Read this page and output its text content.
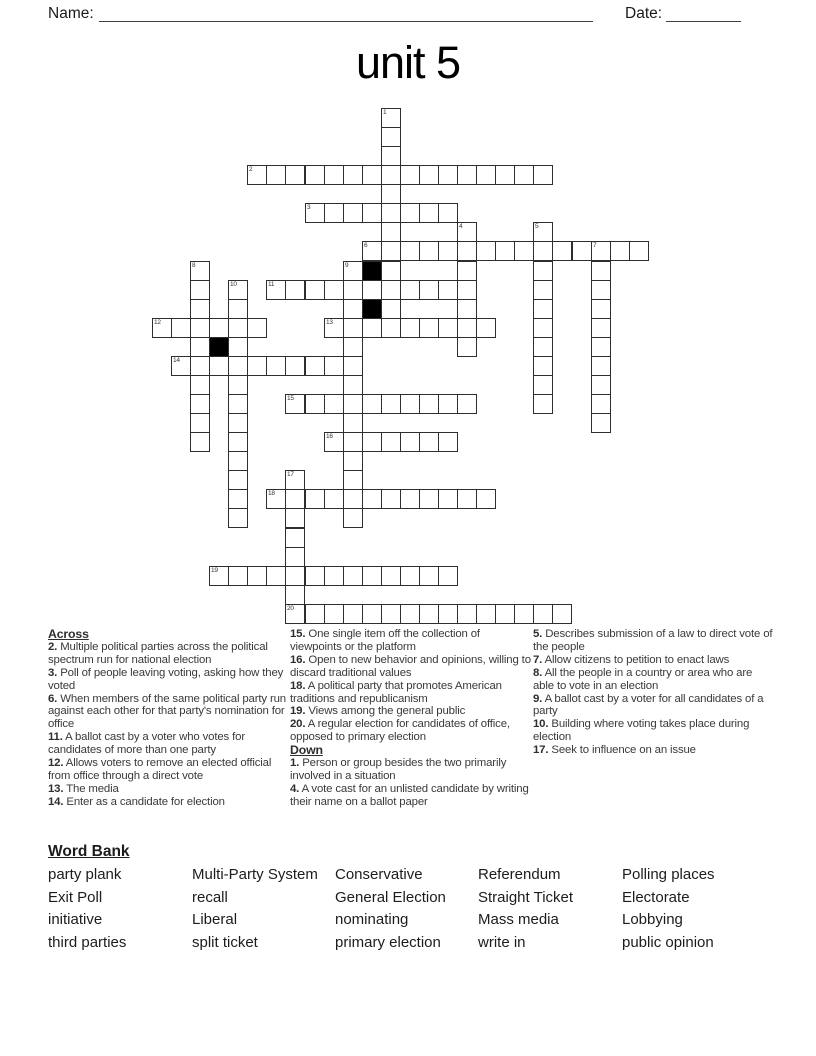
Name:	Date:
unit 5
1
2
3
4	5
6	7
8	9
10	11
12	13
14
15
16
17
20
18
19
Across
2. Multiple political parties across the political spectrum run for national election
3. Poll of people leaving voting, asking how they voted
6. When members of the same political party run against each other for that party's nomination for office
11. A ballot cast by a voter who votes for candidates of more than one party
12. Allows voters to remove an elected official from office through a direct vote
13. The media
14. Enter as a candidate for election
15. One single item off the collection of viewpoints or the platform
16. Open to new behavior and opinions, willing to discard traditional values
18. A political party that promotes American traditions and republicanism
19. Views among the general public
20. A regular election for candidates of office, opposed to primary election
Down
1. Person or group besides the two primarily involved in a situation
4. A vote cast for an unlisted candidate by writing their name on a ballot paper
5. Describes submission of a law to direct vote of the people
7. Allow citizens to petition to enact laws
8. All the people in a country or area who are able to vote in an election
9. A ballot cast by a voter for all candidates of a party
10. Building where voting takes place during election
17. Seek to influence on an issue
Word Bank
party plank	Multi-Party System	Conservative	Referendum	Polling places
Exit Poll	recall	General Election	Straight Ticket	Electorate
initiative	Liberal	nominating	Mass media	Lobbying
third parties	split ticket	primary election	write in	public opinion
